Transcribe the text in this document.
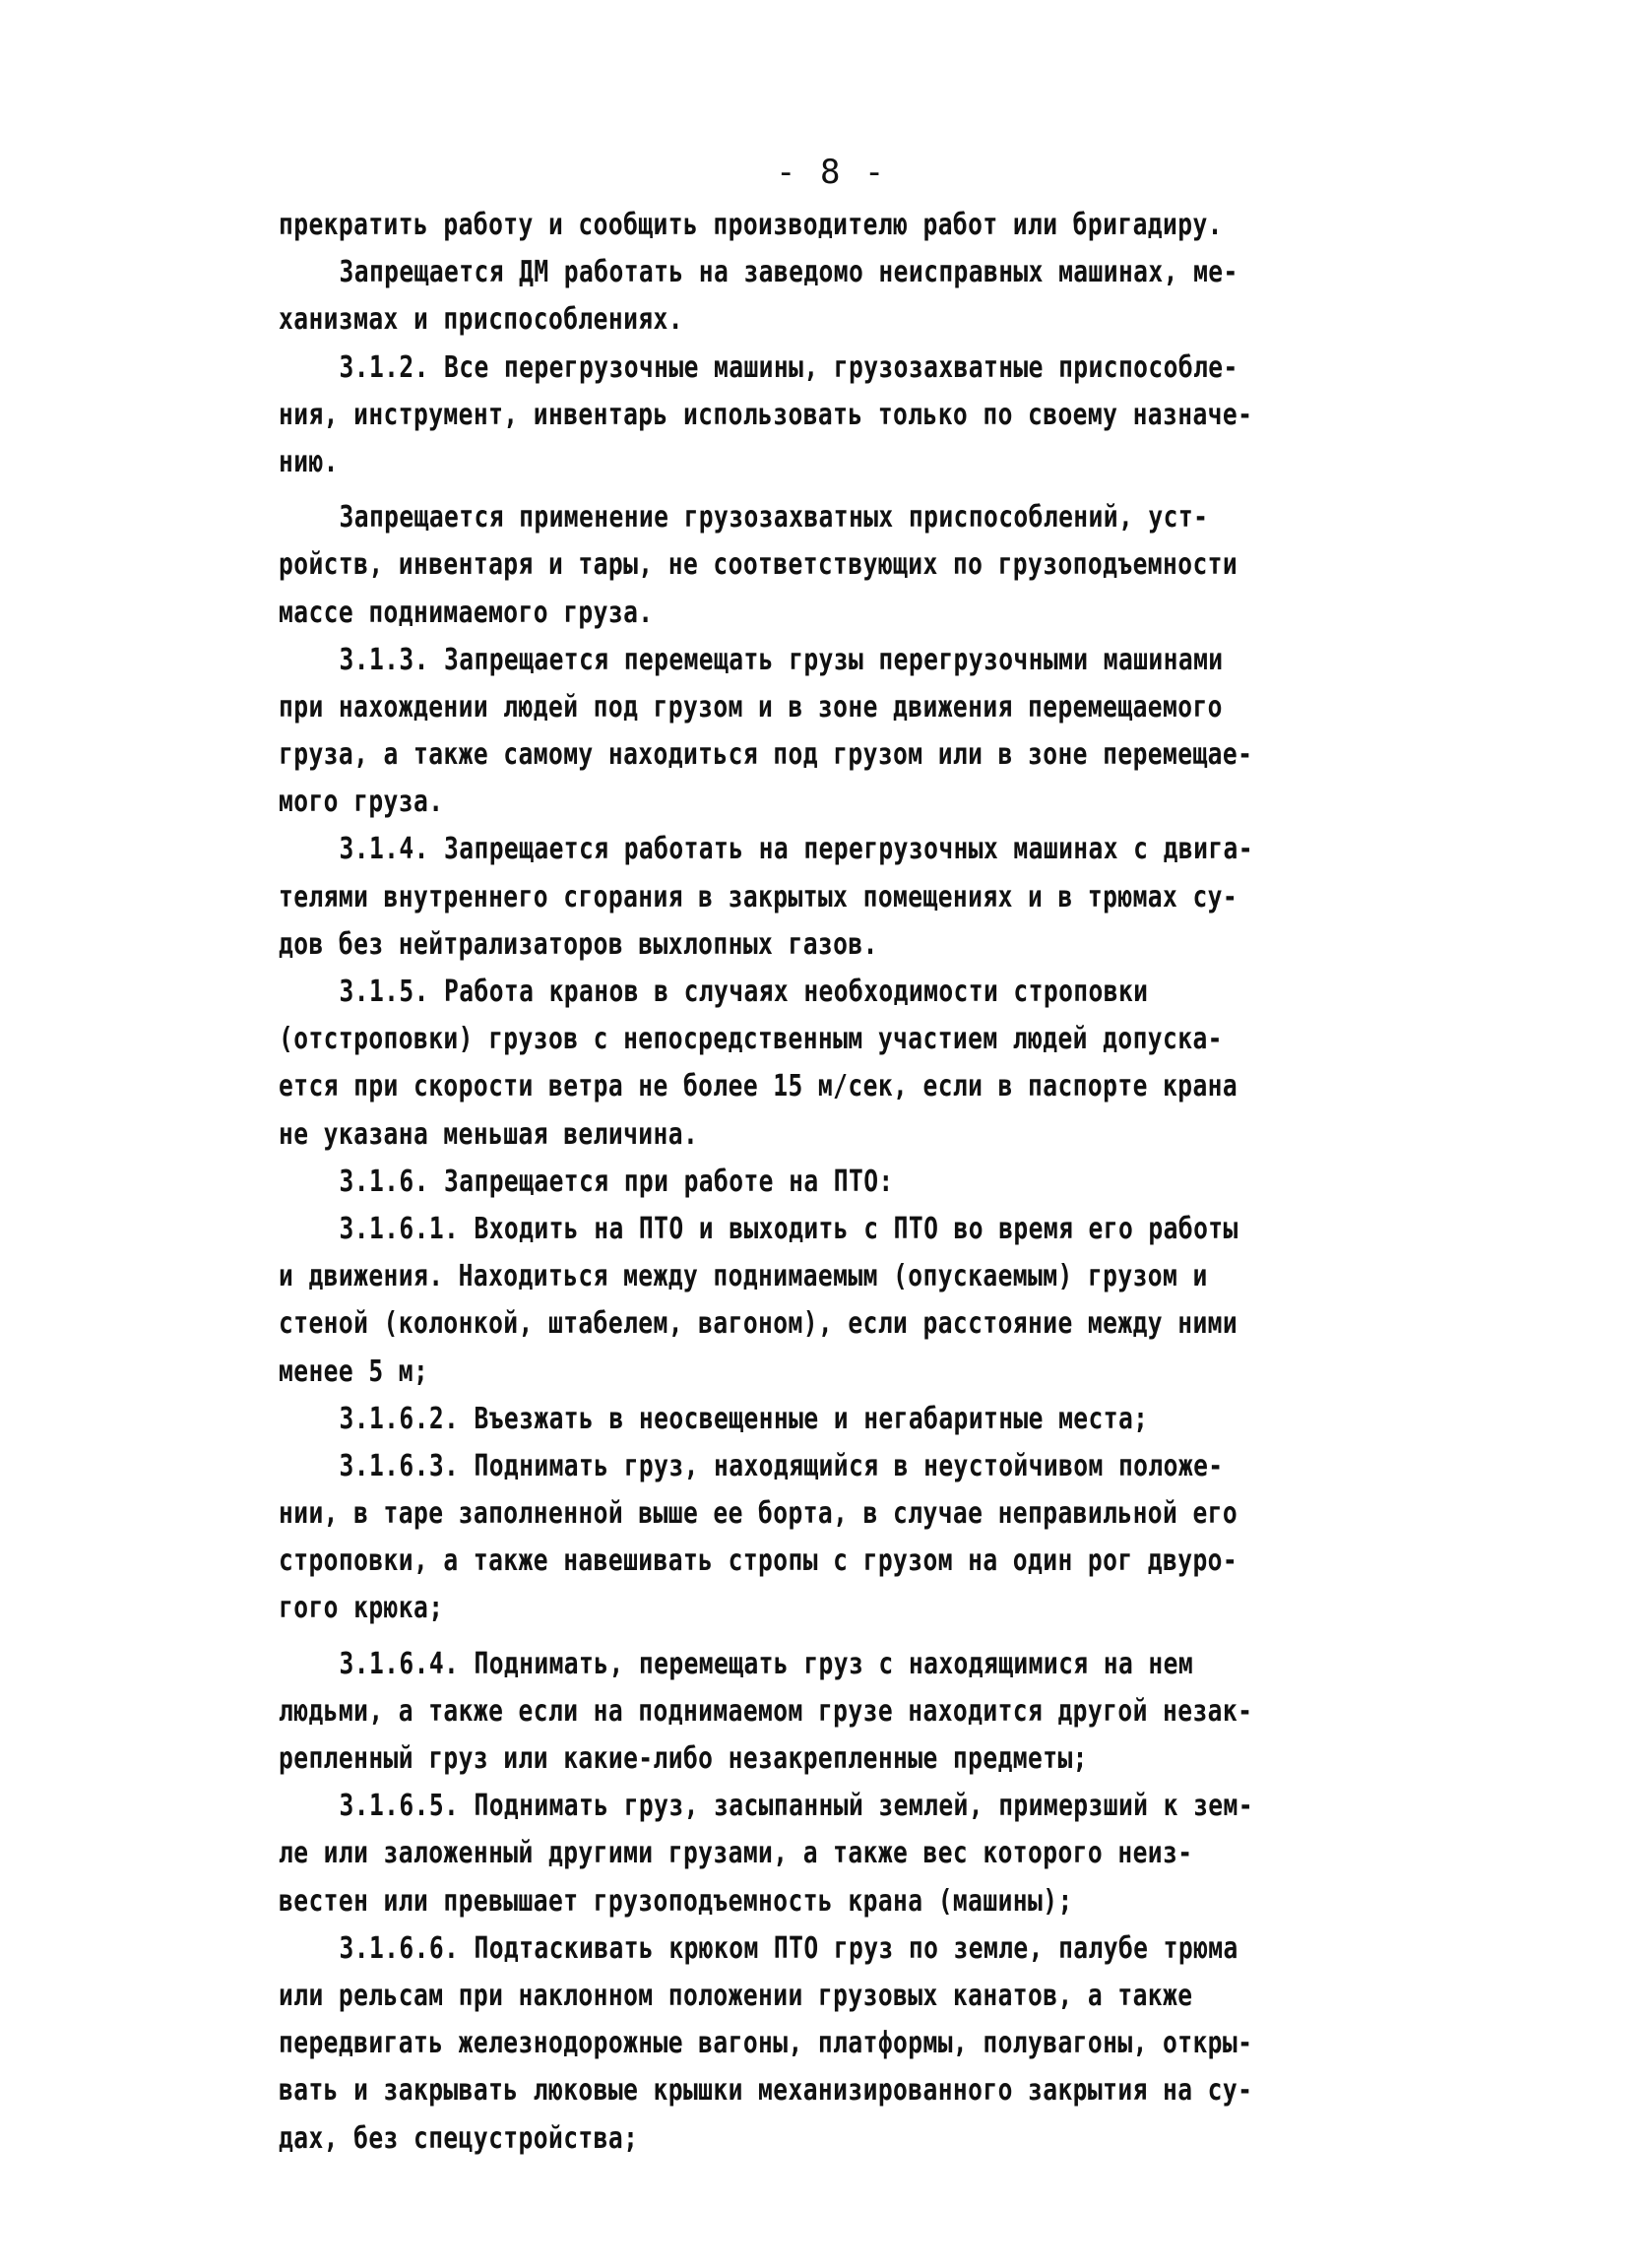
- 8 -
прекратить работу и сообщить производителю работ или бригадиру.
Запрещается ДМ работать на заведомо неисправных машинах, ме-
ханизмах и приспособлениях.
3.1.2. Все перегрузочные машины, грузозахватные приспособле-
ния, инструмент, инвентарь использовать только по своему назначе-
нию.
Запрещается применение грузозахватных приспособлений, уст-
ройств, инвентаря и тары, не соответствующих по грузоподъемности
массе поднимаемого груза.
3.1.3. Запрещается перемещать грузы перегрузочными машинами
при нахождении людей под грузом и в зоне движения перемещаемого
груза, а также самому находиться под грузом или в зоне перемещае-
мого груза.
3.1.4. Запрещается работать на перегрузочных машинах с двига-
телями внутреннего сгорания в закрытых помещениях и в трюмах су-
дов без нейтрализаторов выхлопных газов.
3.1.5. Работа кранов в случаях необходимости строповки
(отстроповки) грузов с непосредственным участием людей допуска-
ется при скорости ветра не более 15 м/сек, если в паспорте крана
не указана меньшая величина.
3.1.6. Запрещается при работе на ПТО:
3.1.6.1. Входить на ПТО и выходить с ПТО во время его работы
и движения. Находиться между поднимаемым (опускаемым) грузом и
стеной (колонкой, штабелем, вагоном), если расстояние между ними
менее 5 м;
3.1.6.2. Въезжать в неосвещенные и негабаритные места;
3.1.6.3. Поднимать груз, находящийся в неустойчивом положе-
нии, в таре заполненной выше ее борта, в случае неправильной его
строповки, а также навешивать стропы с грузом на один рог двуро-
гого крюка;
3.1.6.4. Поднимать, перемещать груз с находящимися на нем
людьми, а также если на поднимаемом грузе находится другой незак-
репленный груз или какие-либо незакрепленные предметы;
3.1.6.5. Поднимать груз, засыпанный землей, примерзший к зем-
ле или заложенный другими грузами, а также вес которого неиз-
вестен или превышает грузоподъемность крана (машины);
3.1.6.6. Подтаскивать крюком ПТО груз по земле, палубе трюма
или рельсам при наклонном положении грузовых канатов, а также
передвигать железнодорожные вагоны, платформы, полувагоны, откры-
вать и закрывать люковые крышки механизированного закрытия на су-
дах, без спецустройства;
